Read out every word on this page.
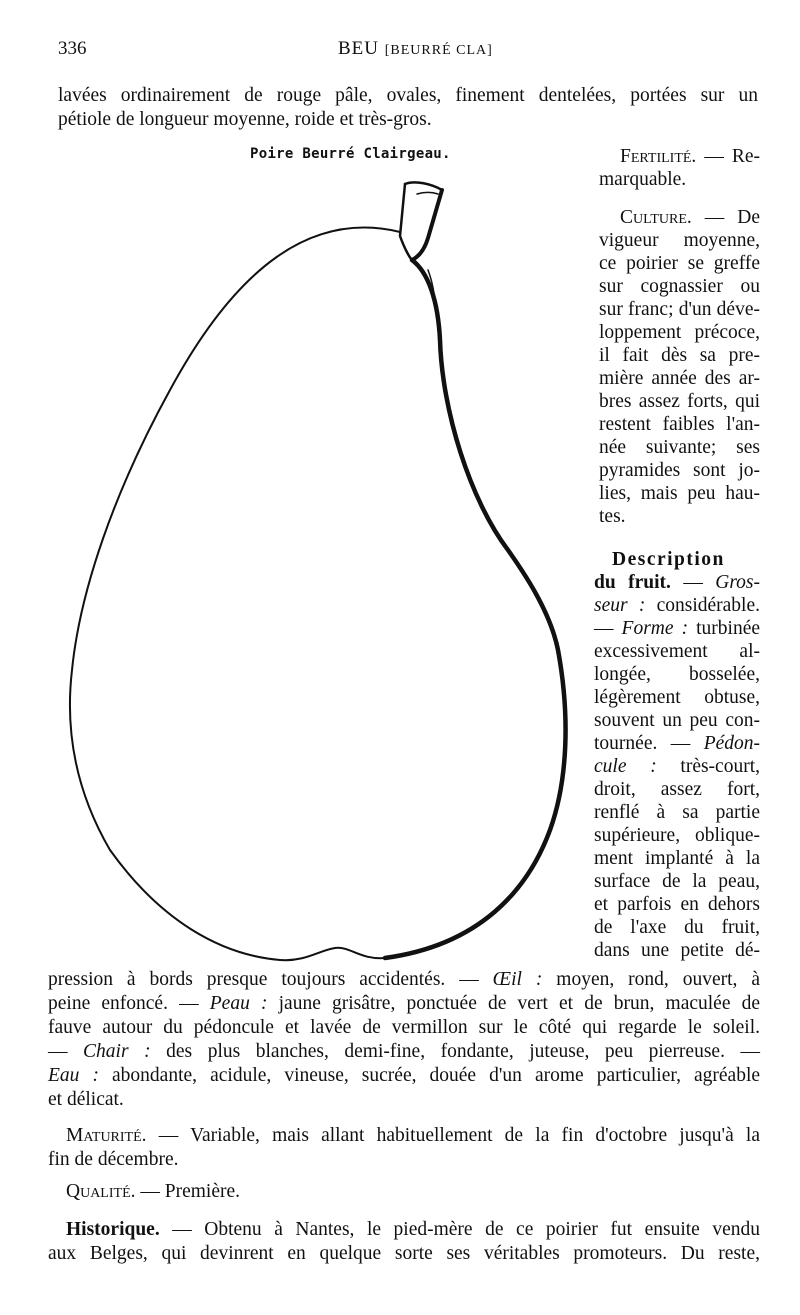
336	BEU [BEURRÉ CLA]

lavées ordinairement de rouge pâle, ovales, finement dentelées, portées sur un

pétiole de longueur moyenne, roide et très-gros.

Poire Beurré Clairgeau.	Fertilité. — Re-

marquable.

Culture. — De

vigueur moyenne,

ce poirier se greffe

sur cognassier ou

sur franc; d'un déve-

loppement précoce,

il fait dès sa pre-

mière année des ar-

bres assez forts, qui

restent faibles l'an-

née suivante; ses

pyramides sont jo-

lies, mais peu hau-

tes.

Description

du fruit. — Gros-

seur : considérable.

— Forme : turbinée

excessivement al-

longée, bosselée,

légèrement obtuse,

souvent un peu con-

tournée. — Pédon-

cule : très-court,

droit, assez fort,

renflé à sa partie

supérieure, oblique-

ment implanté à la

surface de la peau,

et parfois en dehors

de l'axe du fruit,

dans une petite dé-

pression à bords presque toujours accidentés. — Œil : moyen, rond, ouvert, à

peine enfoncé. — Peau : jaune grisâtre, ponctuée de vert et de brun, maculée de

fauve autour du pédoncule et lavée de vermillon sur le côté qui regarde le soleil.

— Chair : des plus blanches, demi-fine, fondante, juteuse, peu pierreuse. —

Eau : abondante, acidule, vineuse, sucrée, douée d'un arome particulier, agréable

et délicat.

Maturité. — Variable, mais allant habituellement de la fin d'octobre jusqu'à la

fin de décembre.

Qualité. — Première.

Historique. — Obtenu à Nantes, le pied-mère de ce poirier fut ensuite vendu

aux Belges, qui devinrent en quelque sorte ses véritables promoteurs. Du reste,
